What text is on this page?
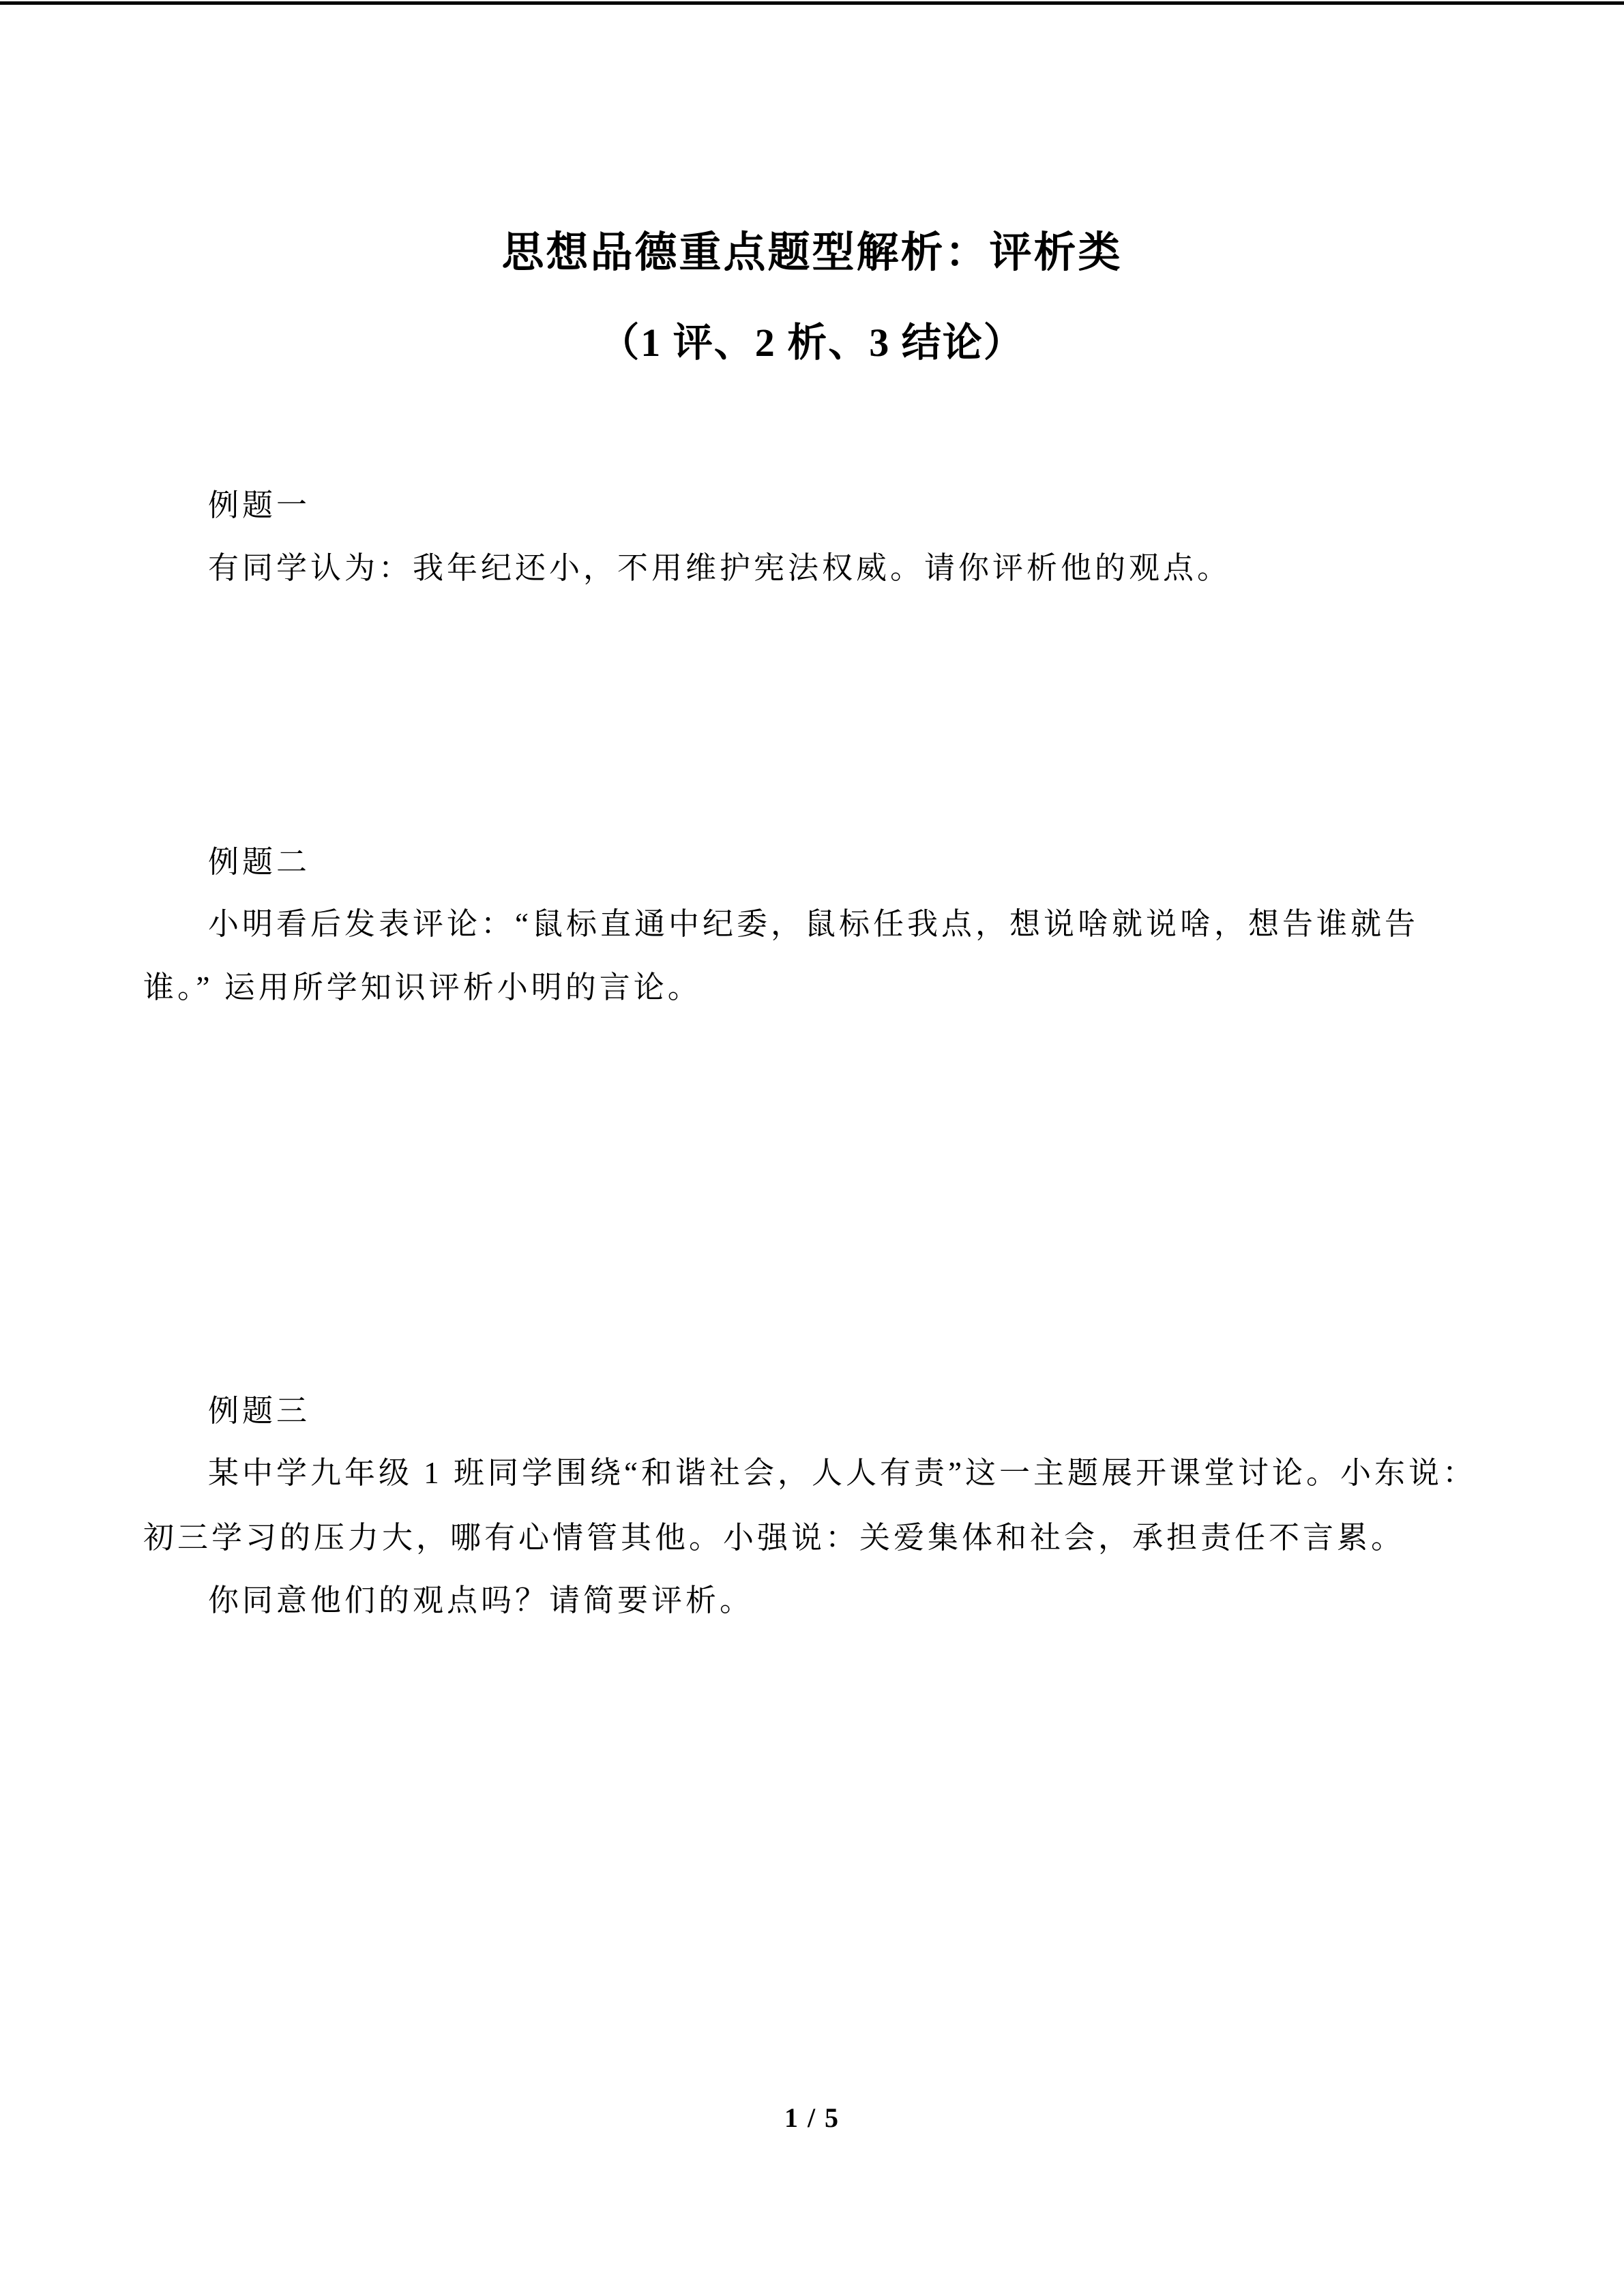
思想品德重点题型解析：评析类
（1 评、2 析、3 结论）
例题一
有同学认为：我年纪还小，不用维护宪法权威。请你评析他的观点。
例题二
小明看后发表评论：“鼠标直通中纪委，鼠标任我点，想说啥就说啥，想告谁就告
谁。” 运用所学知识评析小明的言论。
例题三
某中学九年级 1 班同学围绕“和谐社会，人人有责”这一主题展开课堂讨论。小东说：
初三学习的压力大，哪有心情管其他。小强说：关爱集体和社会，承担责任不言累。
你同意他们的观点吗？请简要评析。
1 / 5
